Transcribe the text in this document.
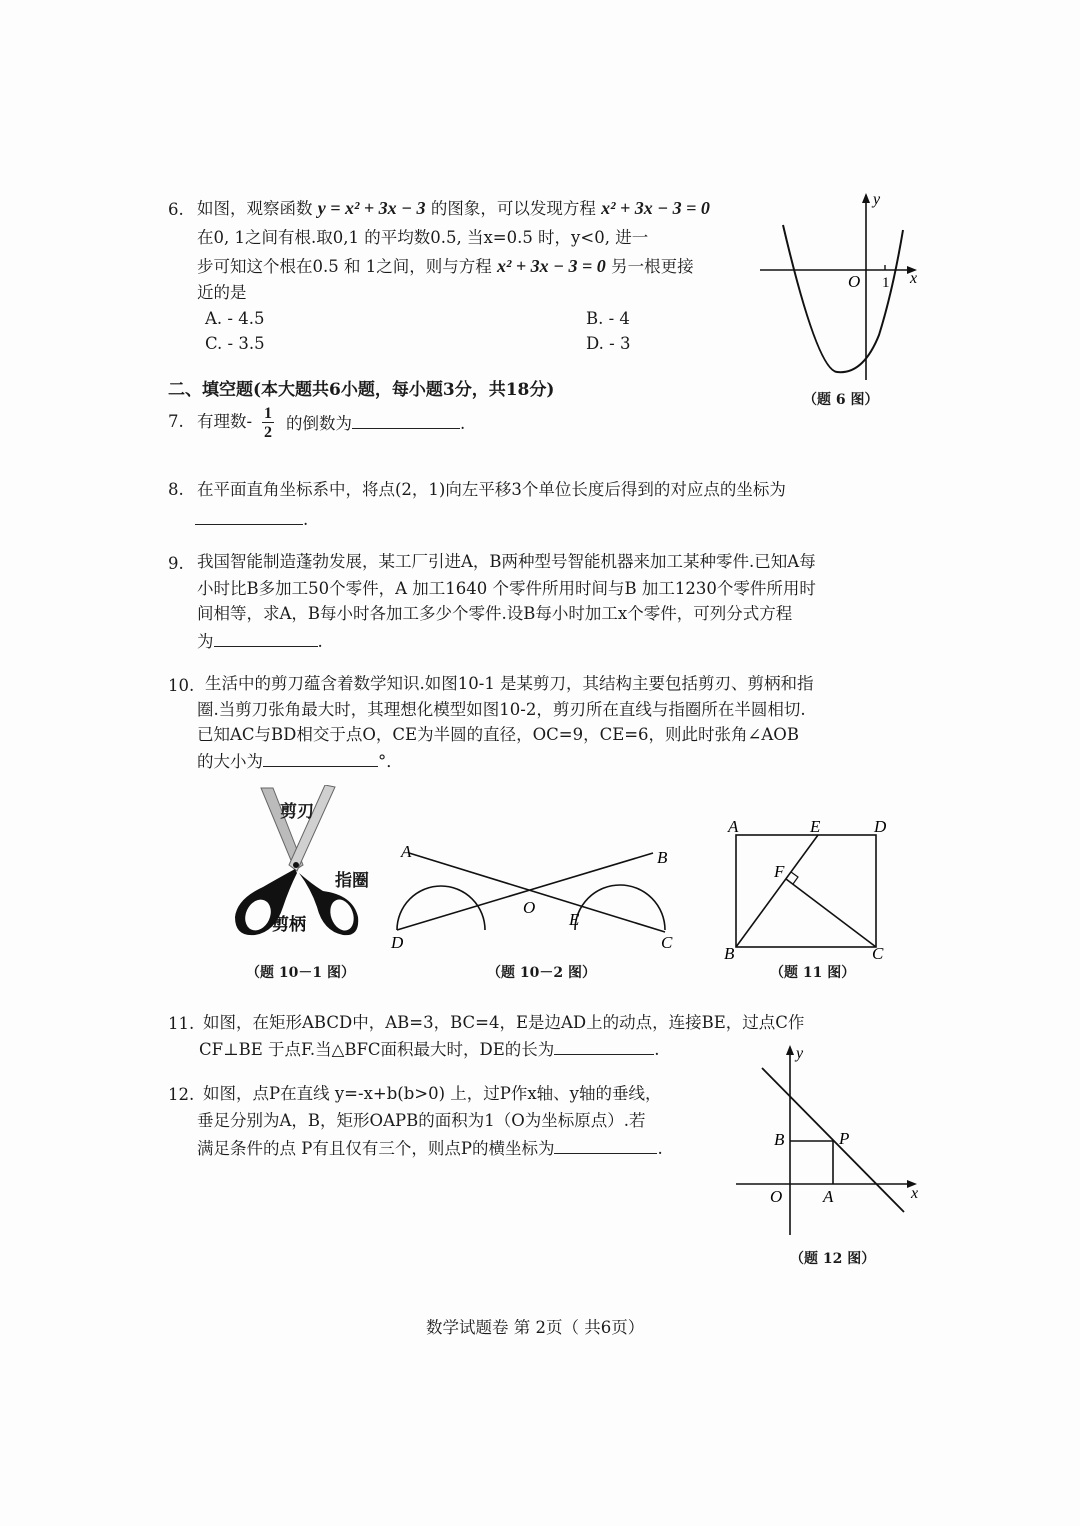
6. 如图，观察函数 y = x² + 3x − 3 的图象，可以发现方程 x² + 3x − 3 = 0
在0, 1之间有根.取0,1 的平均数0.5, 当x=0.5 时，y<0, 进一
步可知这个根在0.5 和 1之间，则与方程 x² + 3x − 3 = 0 另一根更接
近的是
A. - 4.5	B. - 4
C. - 3.5	D. - 3
y
x
O 1
（题 6 图）
二、填空题(本大题共6小题，每小题3分，共18分)
7. 有理数- $\frac{1}{2}$ 的倒数为	.
8. 在平面直角坐标系中，将点(2，1)向左平移3个单位长度后得到的对应点的坐标为
.
9. 我国智能制造蓬勃发展，某工厂引进A，B两种型号智能机器来加工某种零件.已知A每
小时比B多加工50个零件，A 加工1640 个零件所用时间与B 加工1230个零件所用时
间相等，求A，B每小时各加工多少个零件.设B每小时加工x个零件，可列分式方程
为	.
10. 生活中的剪刀蕴含着数学知识.如图10-1 是某剪刀，其结构主要包括剪刃、剪柄和指
圈.当剪刀张角最大时，其理想化模型如图10-2，剪刃所在直线与指圈所在半圆相切.
已知AC与BD相交于点O，CE为半圆的直径，OC=9，CE=6，则此时张角∠AOB
的大小为	°．
剪刃
指圈
剪柄
（题 10－1 图）
A	B
O
E
D	C
（题 10－2 图）
A	E	D
F
B	C
（题 11 图）
11. 如图，在矩形ABCD中，AB=3，BC=4，E是边AD上的动点，连接BE，过点C作
CF⊥BE 于点F.当△BFC面积最大时，DE的长为	.
12. 如图，点P在直线 y=-x+b(b>0) 上，过P作x轴、y轴的垂线，
垂足分别为A，B，矩形OAPB的面积为1（O为坐标原点）.若
满足条件的点 P有且仅有三个，则点P的横坐标为	.
y
x
B	P
O A
（题 12 图）
数学试题卷 第 2页（ 共6页）
